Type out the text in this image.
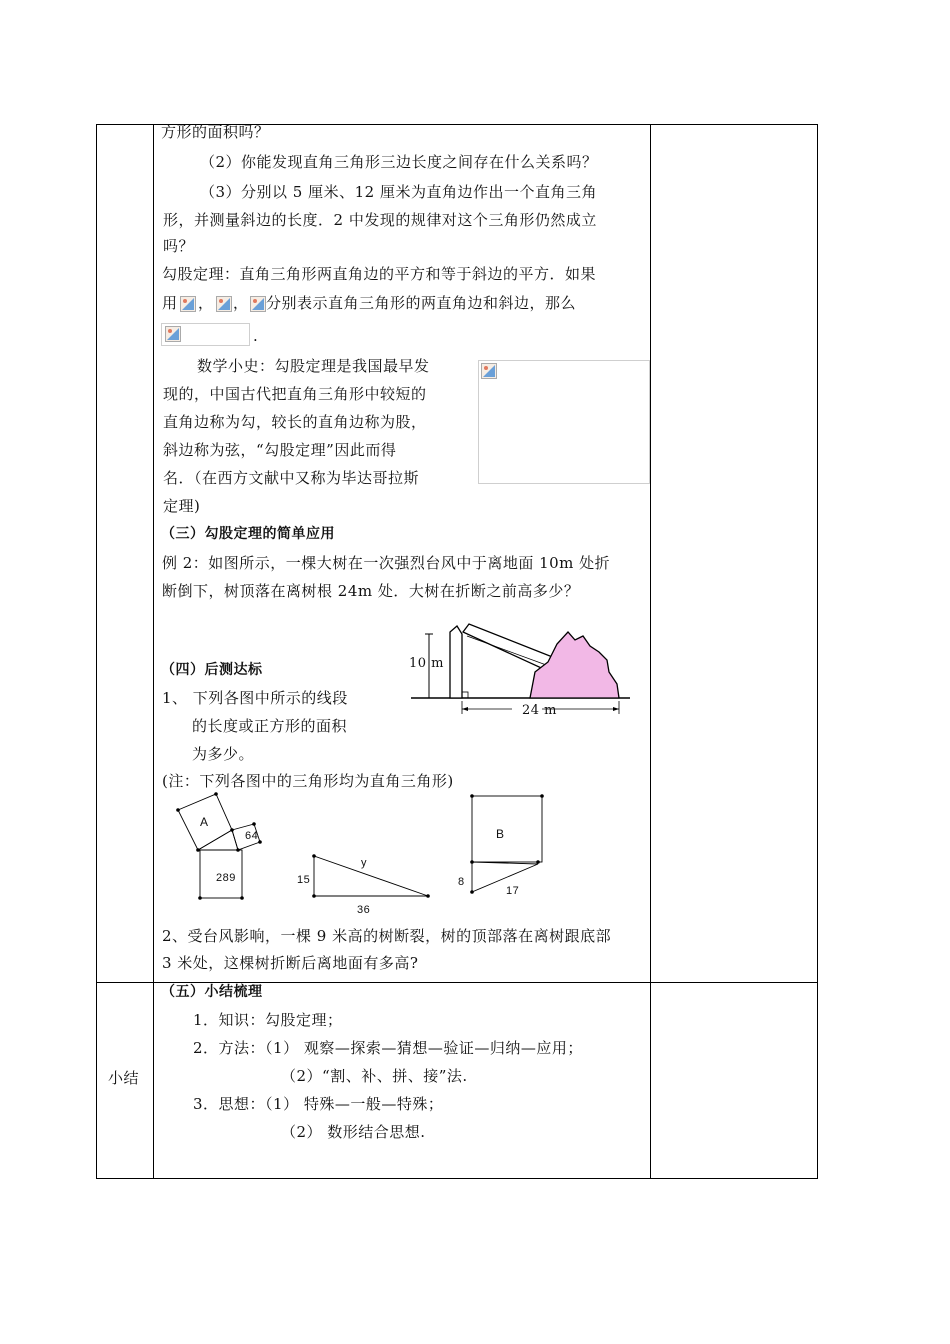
方形的面积吗？
（2）你能发现直角三角形三边长度之间存在什么关系吗？
（3）分别以 5 厘米、12 厘米为直角边作出一个直角三角
形，并测量斜边的长度．2 中发现的规律对这个三角形仍然成立
吗？
勾股定理：直角三角形两直角边的平方和等于斜边的平方．如果
用 ， ， 分别表示直角三角形的两直角边和斜边，那么
.
数学小史：勾股定理是我国最早发
现的，中国古代把直角三角形中较短的
直角边称为勾，较长的直角边称为股，
斜边称为弦，“勾股定理”因此而得
名．（在西方文献中又称为毕达哥拉斯
定理)
（三）勾股定理的简单应用
例 2：如图所示，一棵大树在一次强烈台风中于离地面 10m 处折
断倒下，树顶落在离树根 24m 处．大树在折断之前高多少？
10 m
24 m
（四）后测达标
1、 下列各图中所示的线段
的长度或正方形的面积
为多少。
(注：下列各图中的三角形均为直角三角形)
A
64
289
y
15
36
B
8
17
2、受台风影响，一棵 9 米高的树断裂，树的顶部落在离树跟底部
3 米处，这棵树折断后离地面有多高?
小结
（五）小结梳理
1．知识：勾股定理；
2．方法：（1） 观察—探索—猜想—验证—归纳—应用；
（2）“割、补、拼、接”法.
3．思想：（1） 特殊—一般—特殊；
（2） 数形结合思想.
